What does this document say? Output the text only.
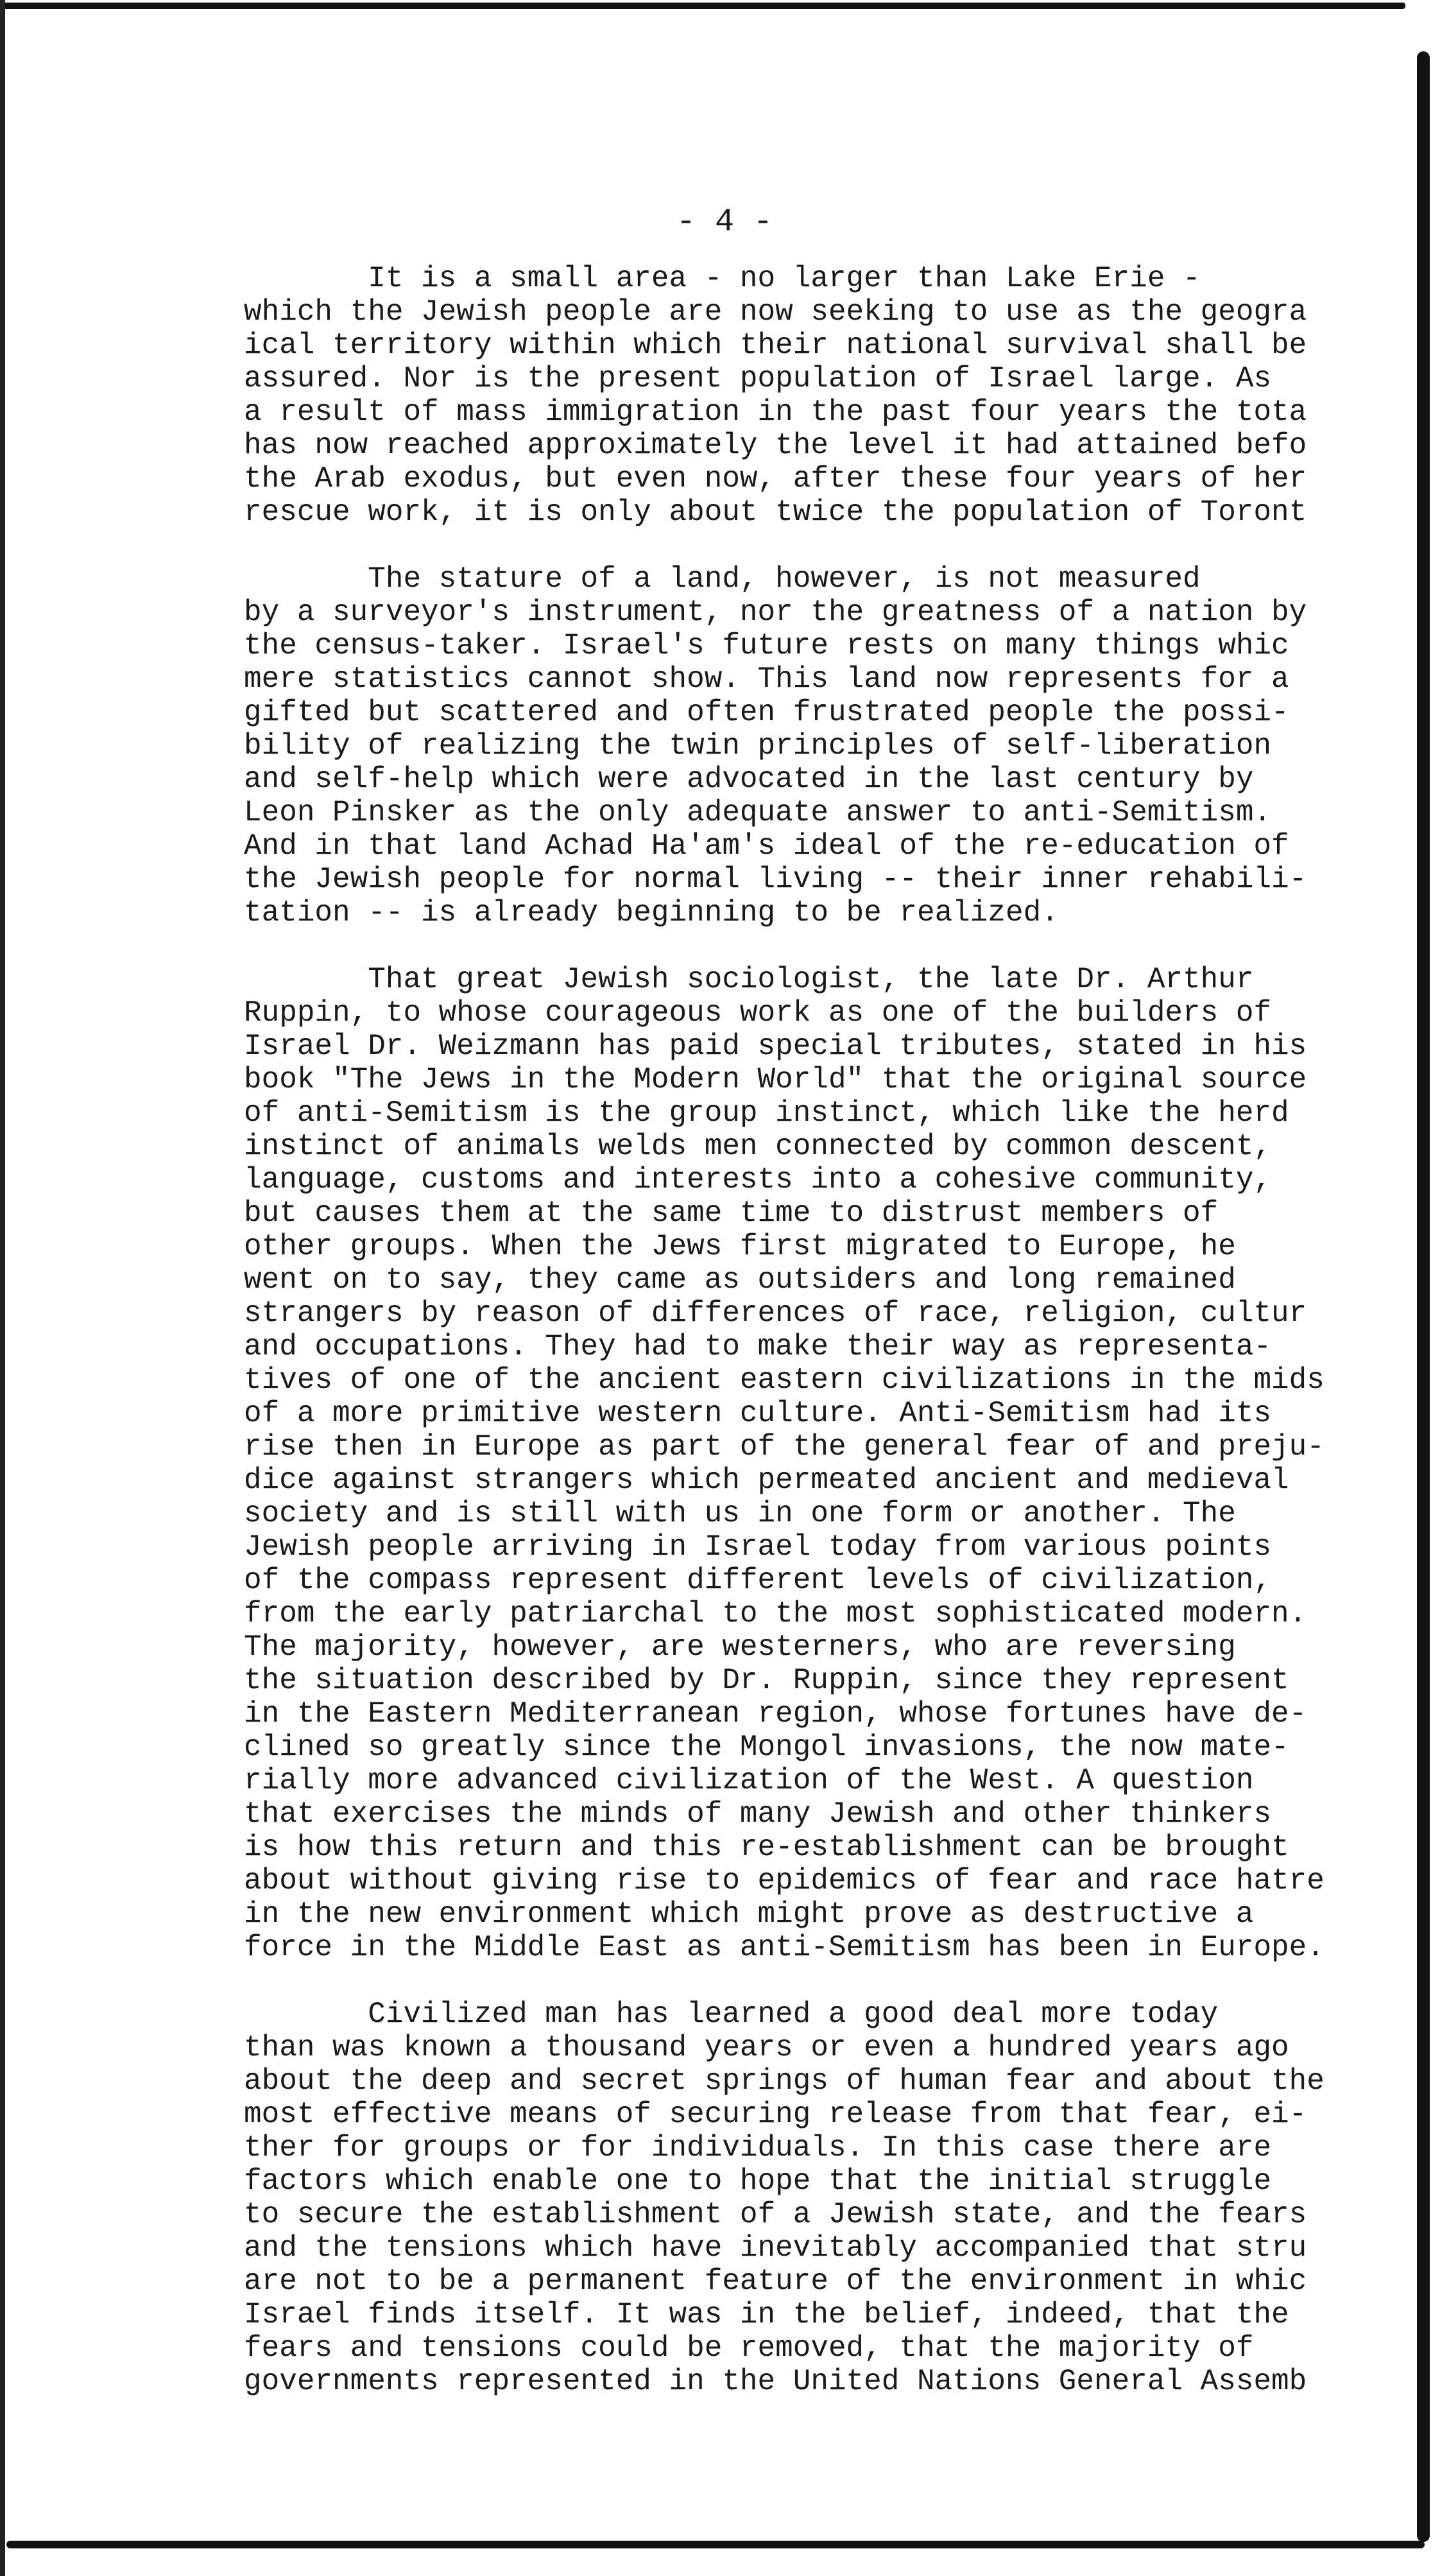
- 4 -
It is a small area - no larger than Lake Erie -
which the Jewish people are now seeking to use as the geogra
ical territory within which their national survival shall be
assured. Nor is the present population of Israel large. As
a result of mass immigration in the past four years the tota
has now reached approximately the level it had attained befo
the Arab exodus, but even now, after these four years of her
rescue work, it is only about twice the population of Toront
The stature of a land, however, is not measured
by a surveyor's instrument, nor the greatness of a nation by
the census-taker. Israel's future rests on many things whic
mere statistics cannot show. This land now represents for a
gifted but scattered and often frustrated people the possi-
bility of realizing the twin principles of self-liberation
and self-help which were advocated in the last century by
Leon Pinsker as the only adequate answer to anti-Semitism.
And in that land Achad Ha'am's ideal of the re-education of
the Jewish people for normal living -- their inner rehabili-
tation -- is already beginning to be realized.
That great Jewish sociologist, the late Dr. Arthur
Ruppin, to whose courageous work as one of the builders of
Israel Dr. Weizmann has paid special tributes, stated in his
book "The Jews in the Modern World" that the original source
of anti-Semitism is the group instinct, which like the herd
instinct of animals welds men connected by common descent,
language, customs and interests into a cohesive community,
but causes them at the same time to distrust members of
other groups. When the Jews first migrated to Europe, he
went on to say, they came as outsiders and long remained
strangers by reason of differences of race, religion, cultur
and occupations. They had to make their way as representa-
tives of one of the ancient eastern civilizations in the mids
of a more primitive western culture. Anti-Semitism had its
rise then in Europe as part of the general fear of and preju-
dice against strangers which permeated ancient and medieval
society and is still with us in one form or another. The
Jewish people arriving in Israel today from various points
of the compass represent different levels of civilization,
from the early patriarchal to the most sophisticated modern.
The majority, however, are westerners, who are reversing
the situation described by Dr. Ruppin, since they represent
in the Eastern Mediterranean region, whose fortunes have de-
clined so greatly since the Mongol invasions, the now mate-
rially more advanced civilization of the West. A question
that exercises the minds of many Jewish and other thinkers
is how this return and this re-establishment can be brought
about without giving rise to epidemics of fear and race hatre
in the new environment which might prove as destructive a
force in the Middle East as anti-Semitism has been in Europe.
Civilized man has learned a good deal more today
than was known a thousand years or even a hundred years ago
about the deep and secret springs of human fear and about the
most effective means of securing release from that fear, ei-
ther for groups or for individuals. In this case there are
factors which enable one to hope that the initial struggle
to secure the establishment of a Jewish state, and the fears
and the tensions which have inevitably accompanied that stru
are not to be a permanent feature of the environment in whic
Israel finds itself. It was in the belief, indeed, that the
fears and tensions could be removed, that the majority of
governments represented in the United Nations General Assemb
